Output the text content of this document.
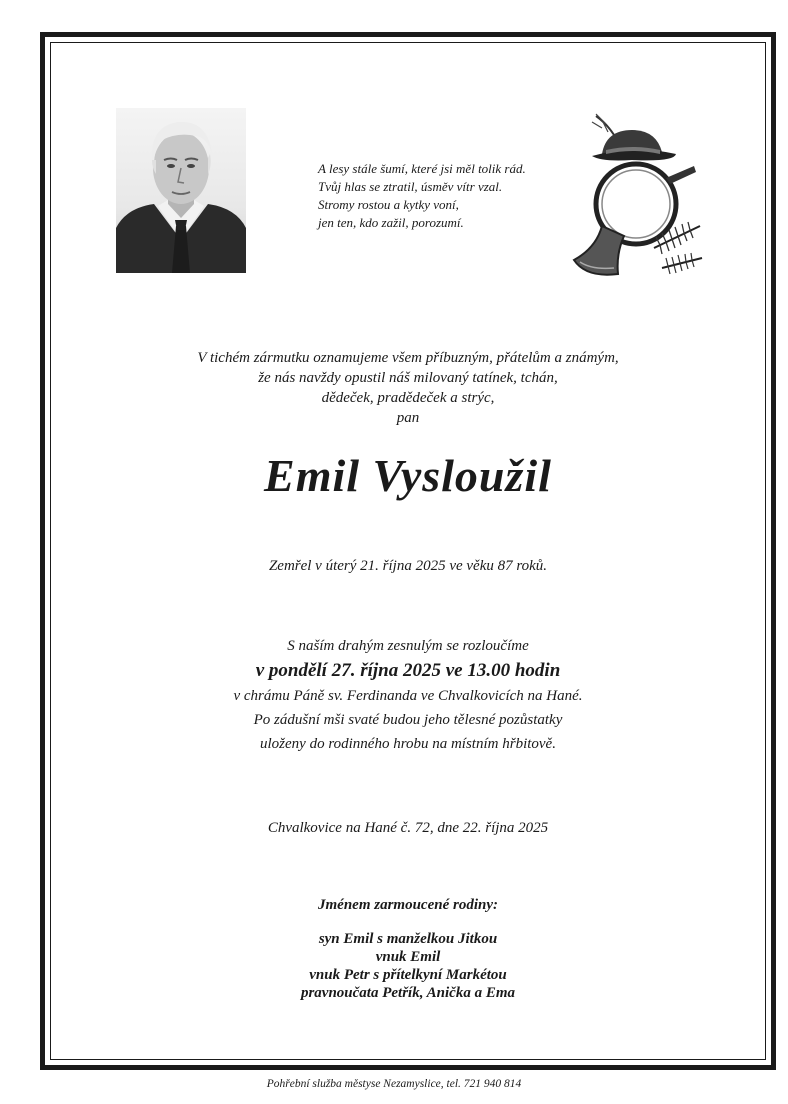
A lesy stále šumí, které jsi měl tolik rád.
Tvůj hlas se ztratil, úsměv vítr vzal.
Stromy rostou a kytky voní,
jen ten, kdo zažil, porozumí.
V tichém zármutku oznamujeme všem příbuzným, přátelům a známým,
že nás navždy opustil náš milovaný tatínek, tchán,
dědeček, pradědeček a strýc,
pan
Emil Vysloužil
Zemřel v úterý 21. října 2025 ve věku 87 roků.
S naším drahým zesnulým se rozloučíme
v pondělí 27. října 2025 ve 13.00 hodin
v chrámu Páně sv. Ferdinanda ve Chvalkovicích na Hané.
Po zádušní mši svaté budou jeho tělesné pozůstatky
uloženy do rodinného hrobu na místním hřbitově.
Chvalkovice na Hané č. 72, dne 22. října 2025
Jménem zarmoucené rodiny:
syn Emil s manželkou Jitkou
vnuk Emil
vnuk Petr s přítelkyní Markétou
pravnoučata Petřík, Anička a Ema
Pohřební služba městyse Nezamyslice, tel. 721 940 814
